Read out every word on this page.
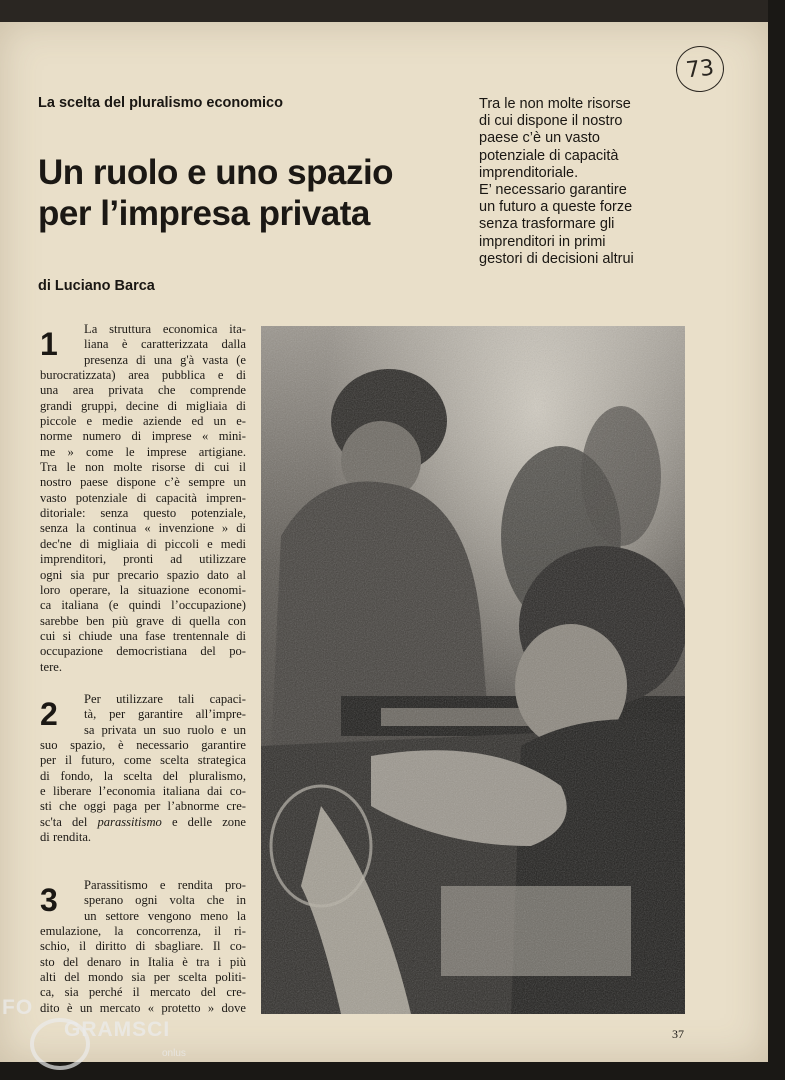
La scelta del pluralismo economico

Un ruolo e uno spazio
per l’impresa privata

di Luciano Barca

Tra le non molte risorse
di cui dispone il nostro
paese c’è un vasto
potenziale di capacità
imprenditoriale.
E’ necessario garantire
un futuro a queste forze
senza trasformare gli
imprenditori in primi
gestori di decisioni altrui

73
1	La struttura economica ita-
liana è caratterizzata dalla
presenza di una g'à vasta (e
burocratizzata) area pubblica e di
una area privata che comprende
grandi gruppi, decine di migliaia di
piccole e medie aziende ed un e-
norme numero di imprese « mini-
me » come le imprese artigiane.
Tra le non molte risorse di cui il
nostro paese dispone c’è sempre un
vasto potenziale di capacità impren-
ditoriale: senza questo potenziale,
senza la continua « invenzione » di
dec'ne di migliaia di piccoli e medi
imprenditori, pronti ad utilizzare
ogni sia pur precario spazio dato al
loro operare, la situazione economi-
ca italiana (e quindi l’occupazione)
sarebbe ben più grave di quella con
cui si chiude una fase trentennale di
occupazione democristiana del po-
tere.
2	Per utilizzare tali capaci-
tà, per garantire all’impre-
sa privata un suo ruolo e un
suo spazio, è necessario garantire
per il futuro, come scelta strategica
di fondo, la scelta del pluralismo,
e liberare l’economia italiana dai co-
sti che oggi paga per l’abnorme cre-
sc'ta del parassitismo e delle zone
di rendita.
3	Parassitismo e rendita pro-
sperano ogni volta che in
un settore vengono meno la
emulazione, la concorrenza, il ri-
schio, il diritto di sbagliare. Il co-
sto del denaro in Italia è tra i più
alti del mondo sia per scelta politi-
ca, sia perché il mercato del cre-
dito è un mercato « protetto » dove
37
FO
GRAMSCI
onlus
